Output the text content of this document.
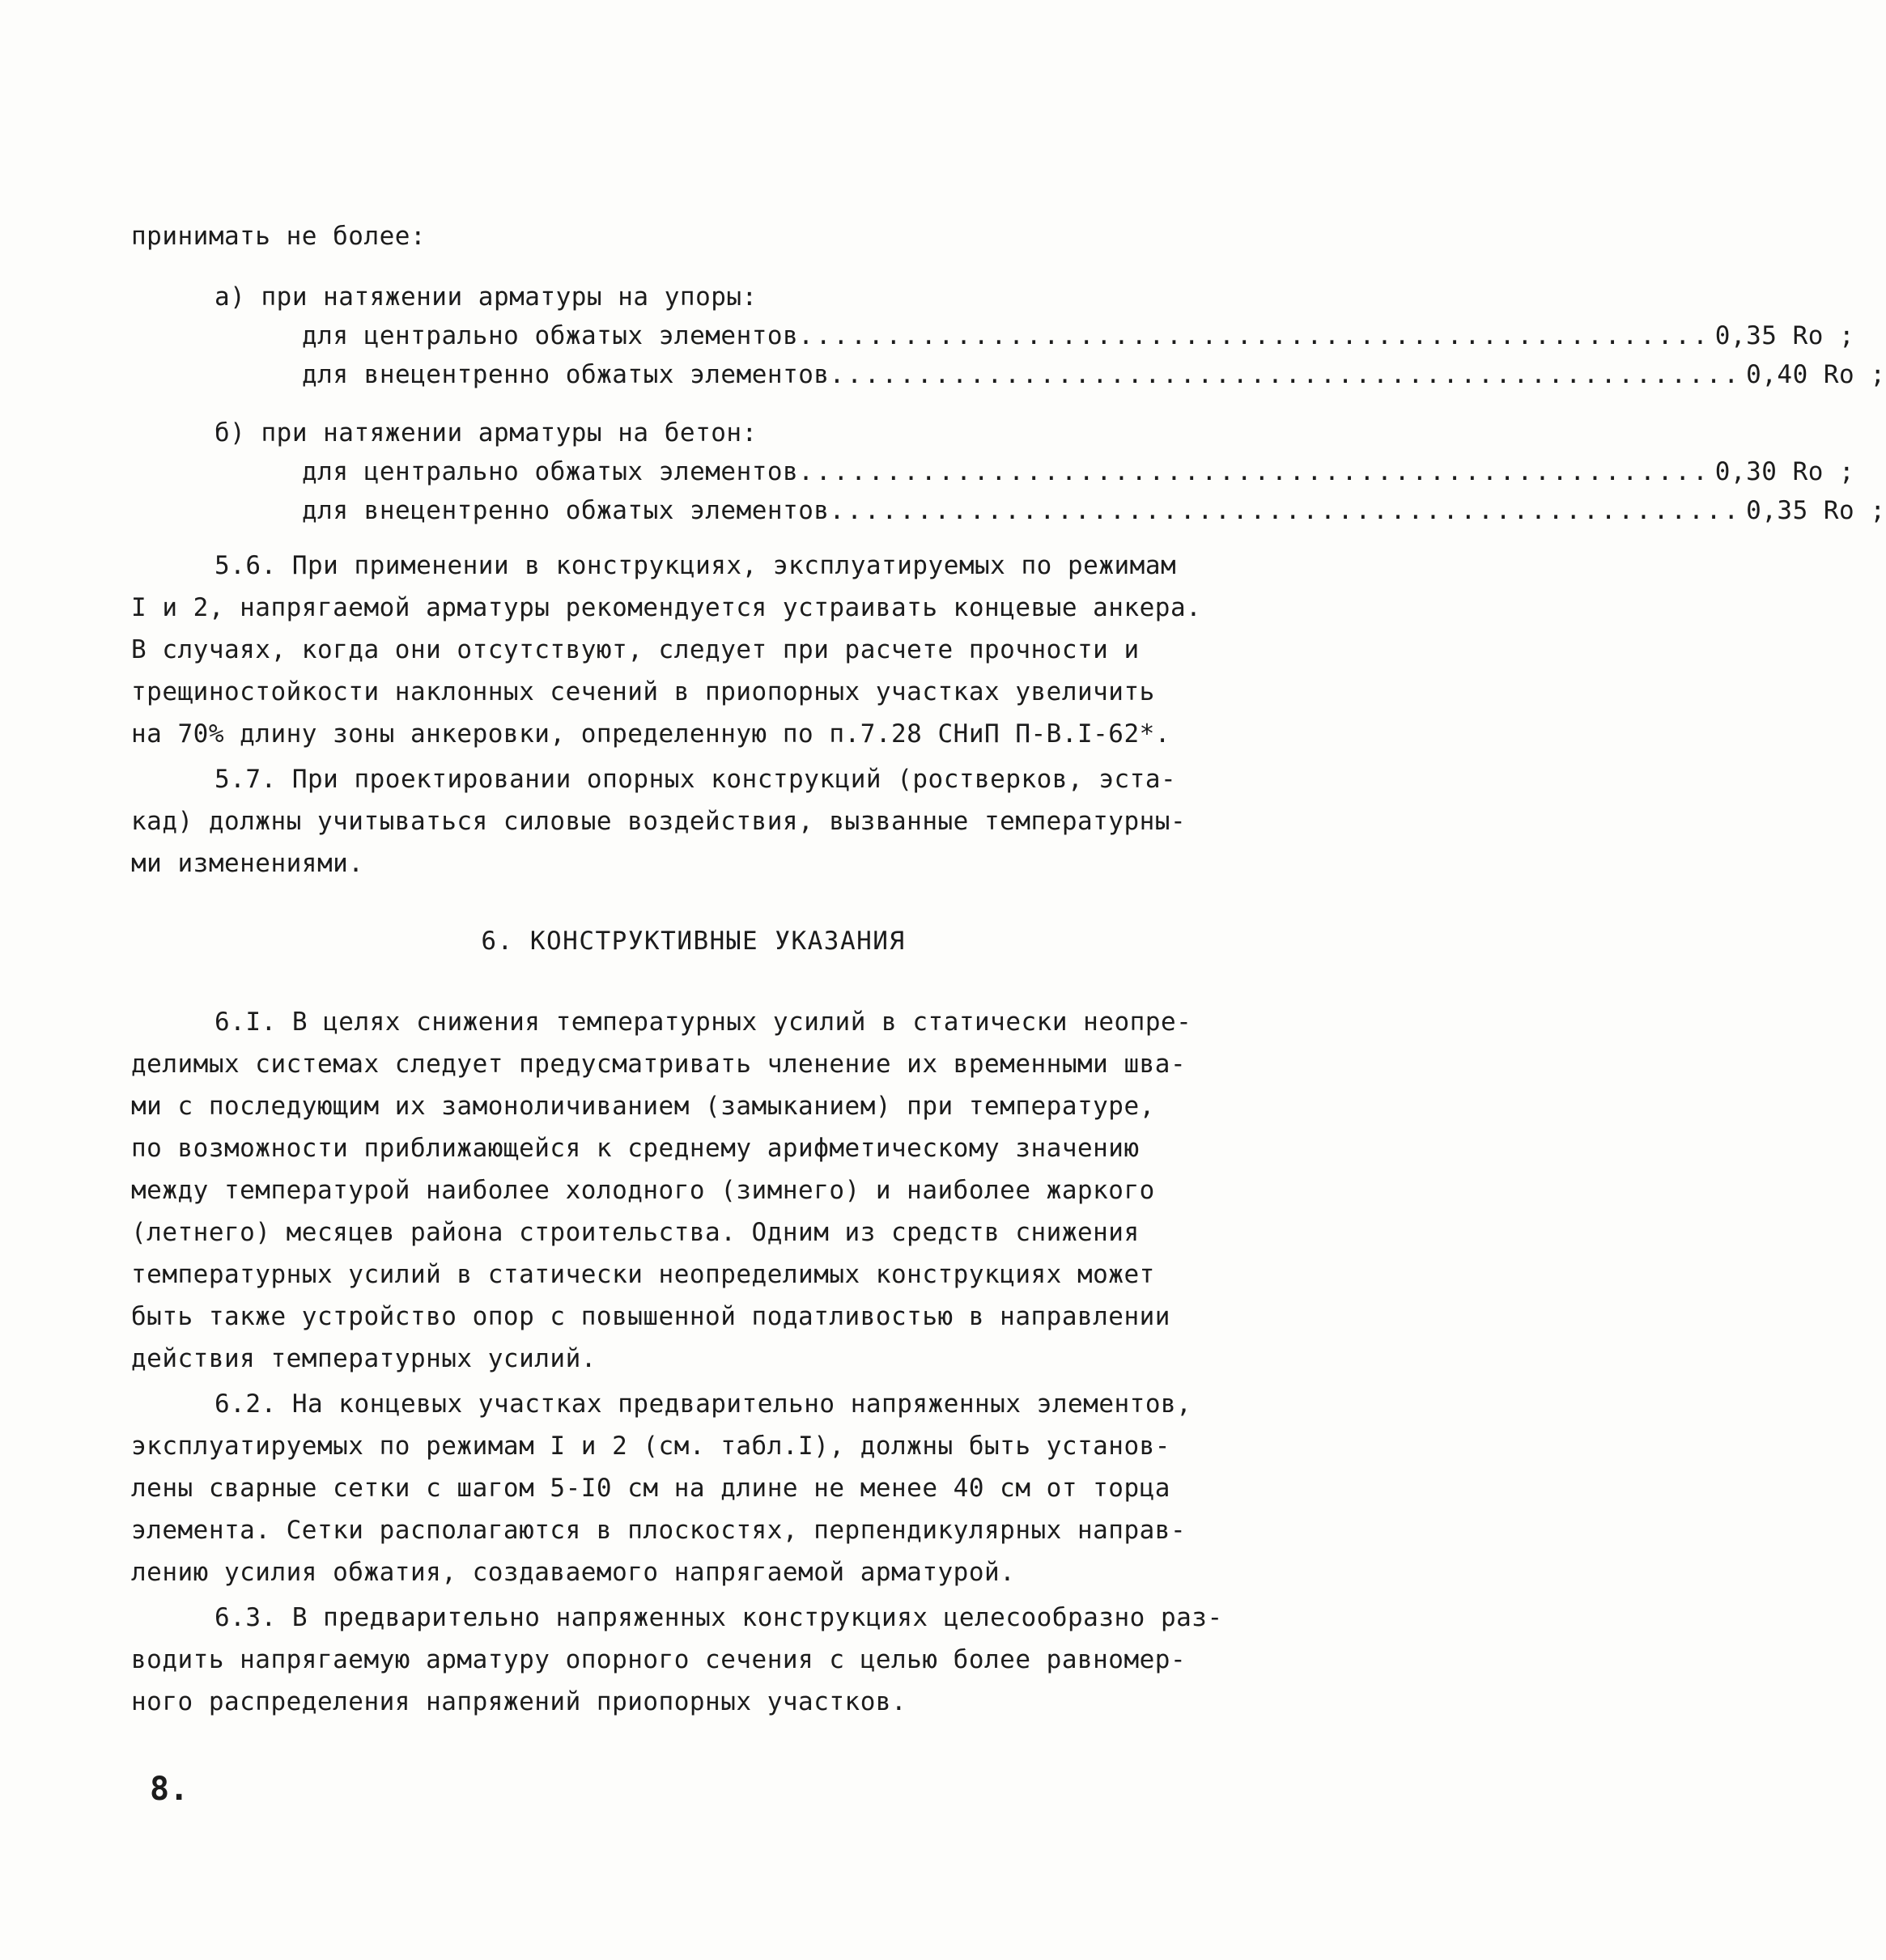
принимать не более:
а) при натяжении арматуры на упоры:
для центрально обжатых элементов .................................................... 0,35 Rо ;
для внецентренно обжатых элементов .................................................... 0,40 Rо ;
б) при натяжении арматуры на бетон:
для центрально обжатых элементов .................................................... 0,30 Rо ;
для внецентренно обжатых элементов .................................................... 0,35 Rо ;
5.6. При применении в конструкциях, эксплуатируемых по режимам
I и 2, напрягаемой арматуры рекомендуется устраивать концевые анкера.
В случаях, когда они отсутствуют, следует при расчете прочности и
трещиностойкости наклонных сечений в приопорных участках увеличить
на 70% длину зоны анкеровки, определенную по п.7.28 СНиП П-В.I-62*.
5.7. При проектировании опорных конструкций (ростверков, эста-
кад) должны учитываться силовые воздействия, вызванные температурны-
ми изменениями.
6. КОНСТРУКТИВНЫЕ УКАЗАНИЯ
6.I. В целях снижения температурных усилий в статически неопре-
делимых системах следует предусматривать членение их временными шва-
ми с последующим их замоноличиванием (замыканием) при температуре,
по возможности приближающейся к среднему арифметическому значению
между температурой наиболее холодного (зимнего) и наиболее жаркого
(летнего) месяцев района строительства. Одним из средств снижения
температурных усилий в статически неопределимых конструкциях может
быть также устройство опор с повышенной податливостью в направлении
действия температурных усилий.
6.2. На концевых участках предварительно напряженных элементов,
эксплуатируемых по режимам I и 2 (см. табл.I), должны быть установ-
лены сварные сетки с шагом 5-I0 см на длине не менее 40 см от торца
элемента. Сетки располагаются в плоскостях, перпендикулярных направ-
лению усилия обжатия, создаваемого напрягаемой арматурой.
6.3. В предварительно напряженных конструкциях целесообразно раз-
водить напрягаемую арматуру опорного сечения с целью более равномер-
ного распределения напряжений приопорных участков.
8.
